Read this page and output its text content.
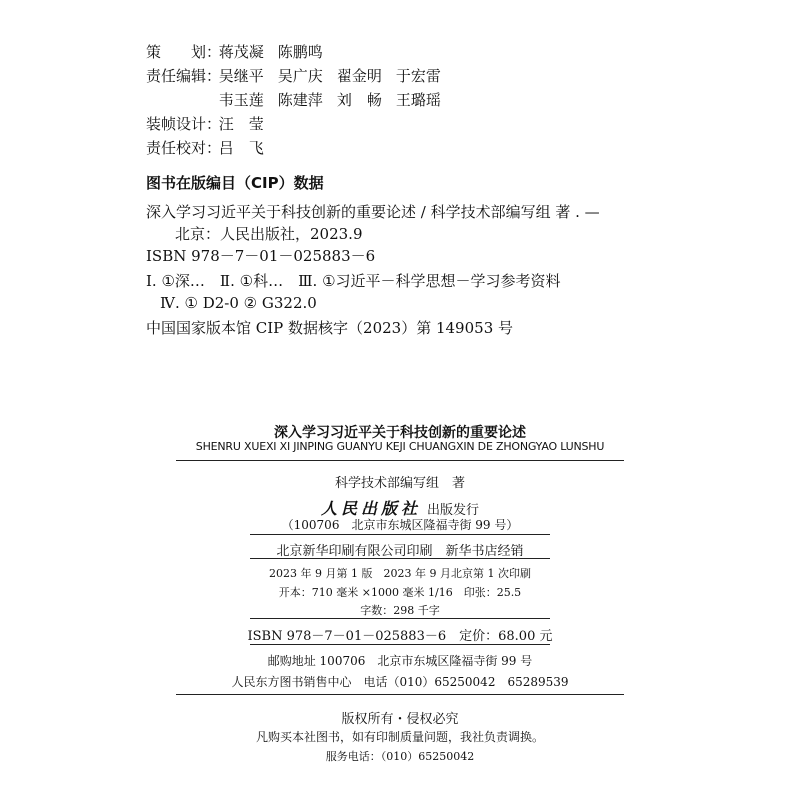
策　　划： 蒋茂凝 陈鹏鸣
责任编辑： 吴继平 吴广庆 翟金明 于宏雷
韦玉莲 陈建萍 刘　畅 王璐瑶
装帧设计： 汪　莹
责任校对： 吕　飞
图书在版编目（CIP）数据
深入学习习近平关于科技创新的重要论述 / 科学技术部编写组 著 . —
北京：人民出版社，2023.9
ISBN 978－7－01－025883－6
Ⅰ. ①深…　Ⅱ. ①科…　Ⅲ. ①习近平－科学思想－学习参考资料
Ⅳ. ① D2-0 ② G322.0
中国国家版本馆 CIP 数据核字（2023）第 149053 号
深入学习习近平关于科技创新的重要论述
SHENRU XUEXI XI JINPING GUANYU KEJI CHUANGXIN DE ZHONGYAO LUNSHU
科学技术部编写组　著
人民出版社 出版发行
（100706　北京市东城区隆福寺街 99 号）
北京新华印刷有限公司印刷　新华书店经销
2023 年 9 月第 1 版　2023 年 9 月北京第 1 次印刷
开本：710 毫米 ×1000 毫米 1/16　印张：25.5
字数：298 千字
ISBN 978－7－01－025883－6　定价：68.00 元
邮购地址 100706　北京市东城区隆福寺街 99 号
人民东方图书销售中心　电话（010）65250042　65289539
版权所有・侵权必究
凡购买本社图书，如有印制质量问题，我社负责调换。
服务电话：（010）65250042
